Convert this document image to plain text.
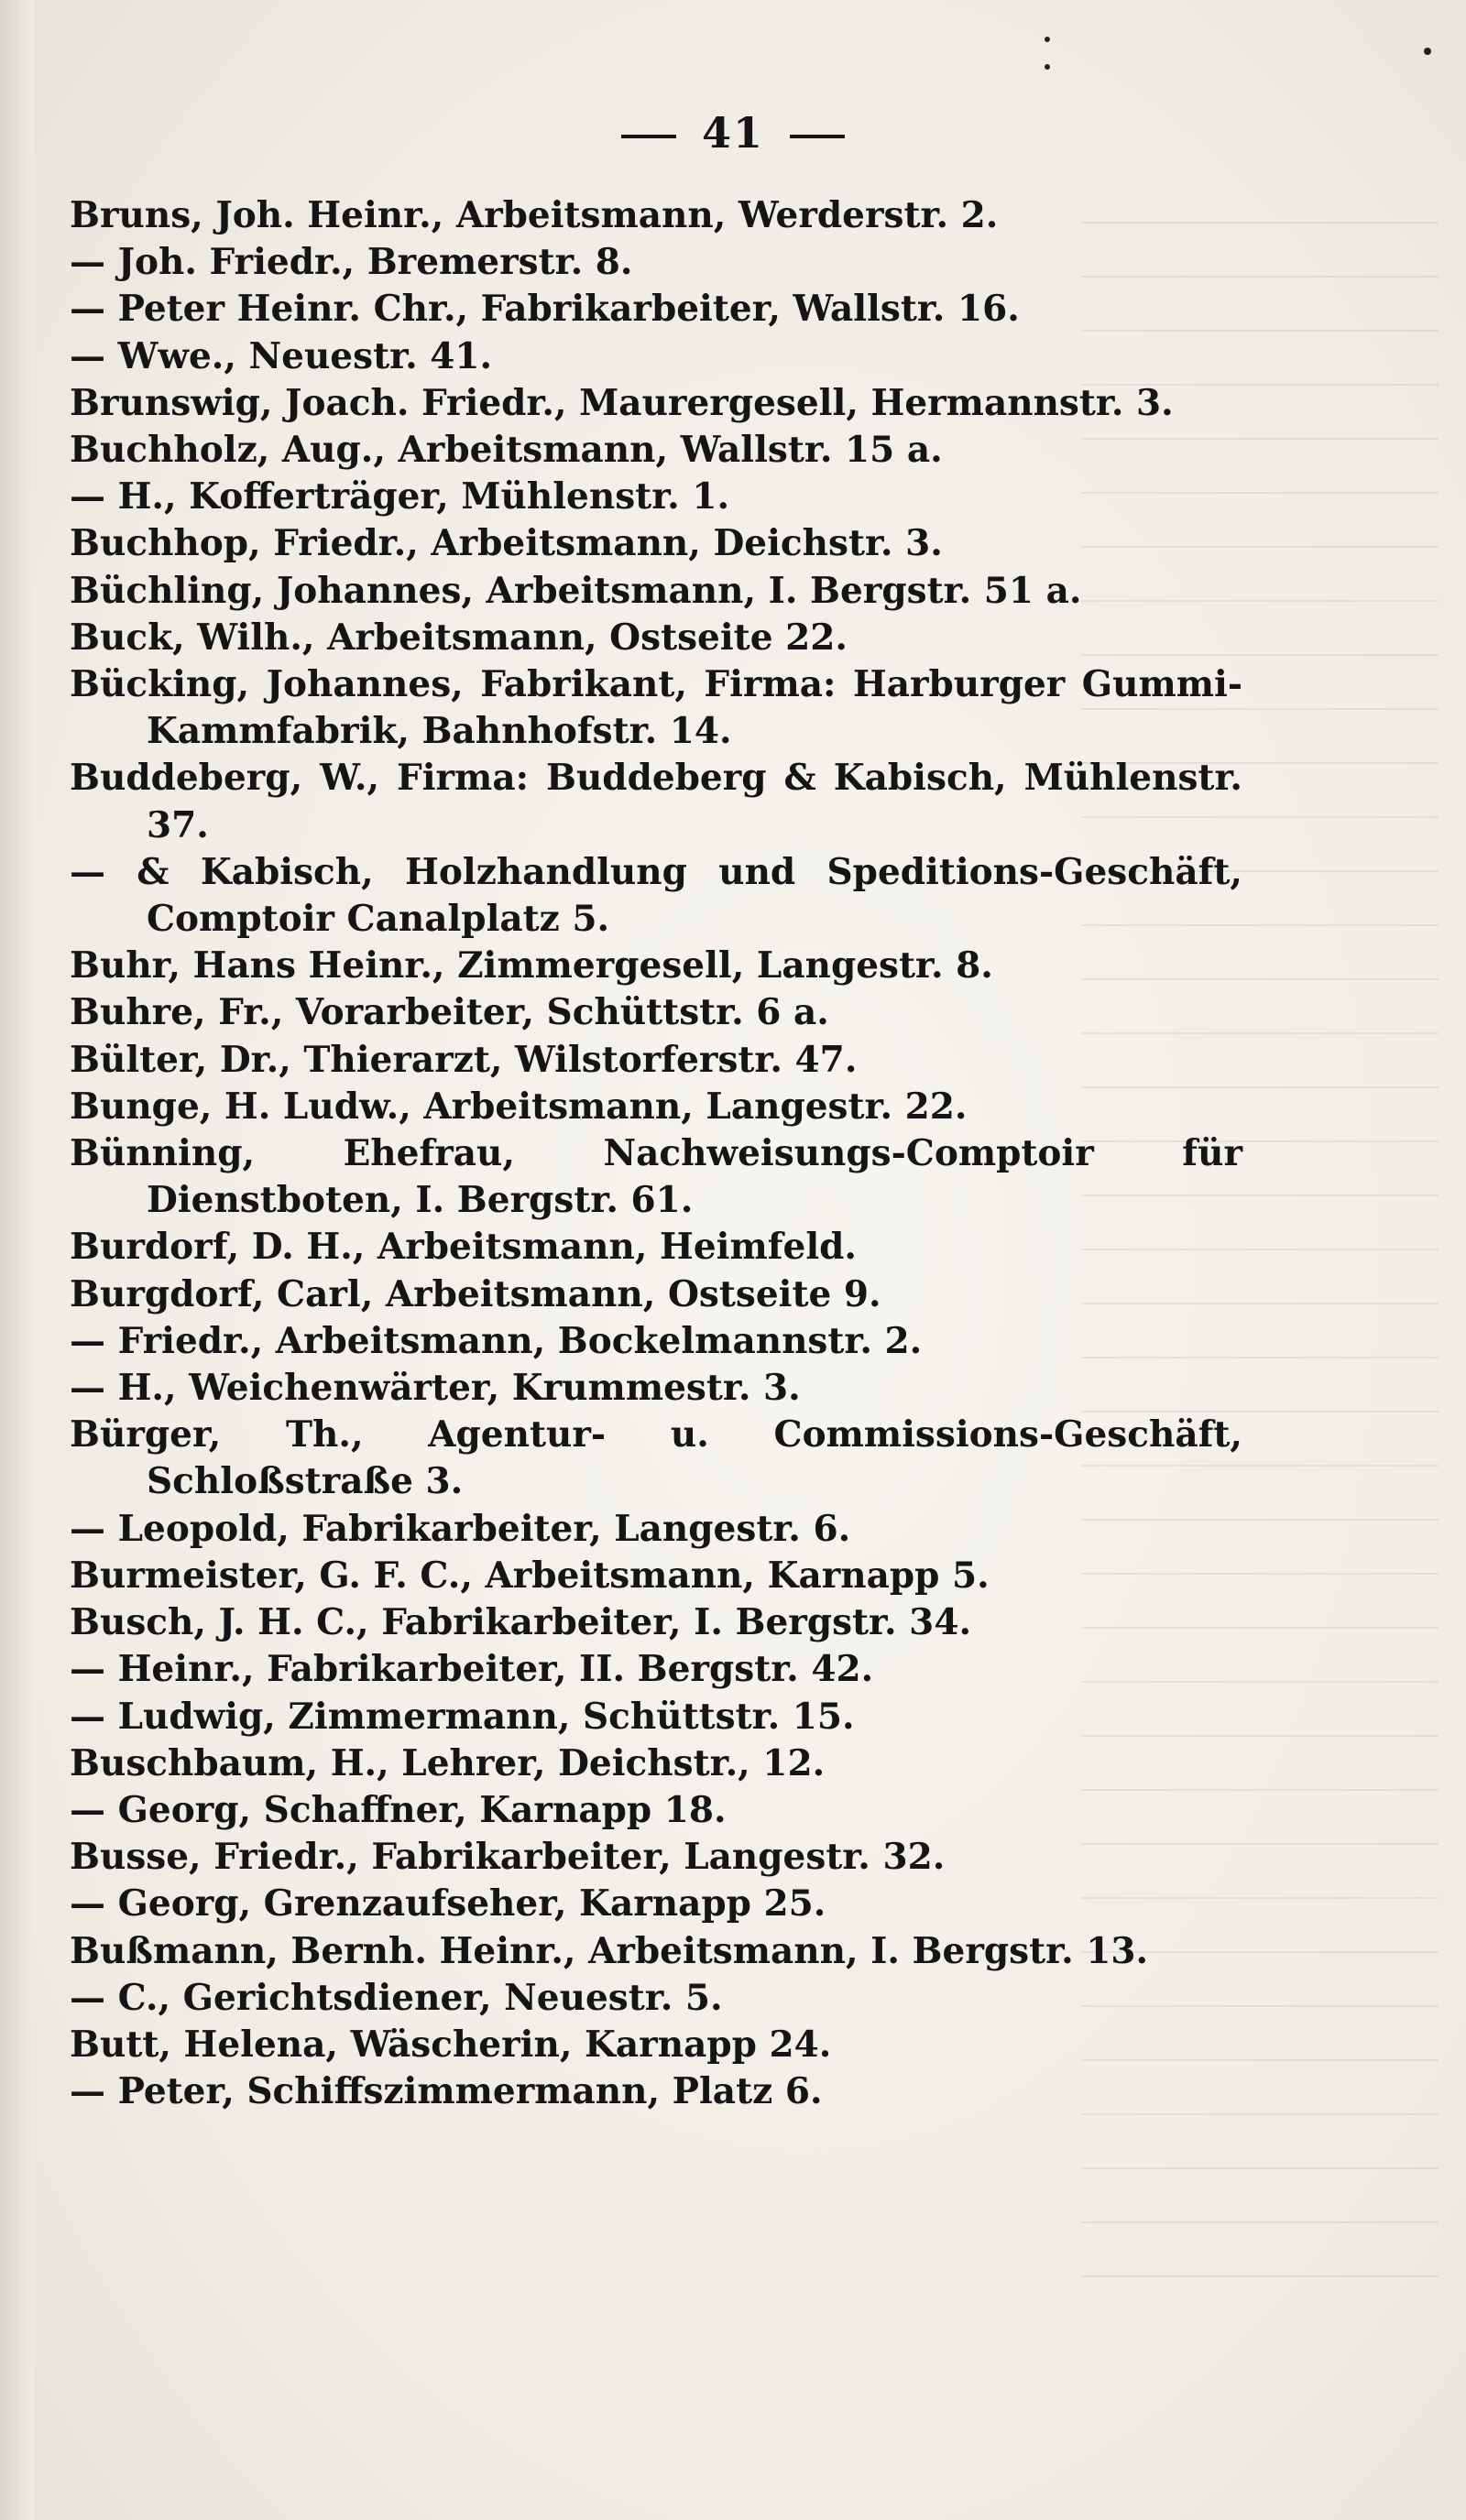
41
Bruns, Joh. Heinr., Arbeitsmann, Werderstr. 2.
— Joh. Friedr., Bremerstr. 8.
— Peter Heinr. Chr., Fabrikarbeiter, Wallstr. 16.
— Wwe., Neuestr. 41.
Brunswig, Joach. Friedr., Maurergesell, Hermannstr. 3.
Buchholz, Aug., Arbeitsmann, Wallstr. 15 a.
— H., Kofferträger, Mühlenstr. 1.
Buchhop, Friedr., Arbeitsmann, Deichstr. 3.
Büchling, Johannes, Arbeitsmann, I. Bergstr. 51 a.
Buck, Wilh., Arbeitsmann, Ostseite 22.
Bücking, Johannes, Fabrikant, Firma: Harburger Gummi-Kammfabrik, Bahnhofstr. 14.
Buddeberg, W., Firma: Buddeberg & Kabisch, Mühlenstr. 37.
— & Kabisch, Holzhandlung und Speditions-Geschäft, Comptoir Canalplatz 5.
Buhr, Hans Heinr., Zimmergesell, Langestr. 8.
Buhre, Fr., Vorarbeiter, Schüttstr. 6 a.
Bülter, Dr., Thierarzt, Wilstorferstr. 47.
Bunge, H. Ludw., Arbeitsmann, Langestr. 22.
Bünning, Ehefrau, Nachweisungs-Comptoir für Dienstboten, I. Bergstr. 61.
Burdorf, D. H., Arbeitsmann, Heimfeld.
Burgdorf, Carl, Arbeitsmann, Ostseite 9.
— Friedr., Arbeitsmann, Bockelmannstr. 2.
— H., Weichenwärter, Krummestr. 3.
Bürger, Th., Agentur- u. Commissions-Geschäft, Schloßstraße 3.
— Leopold, Fabrikarbeiter, Langestr. 6.
Burmeister, G. F. C., Arbeitsmann, Karnapp 5.
Busch, J. H. C., Fabrikarbeiter, I. Bergstr. 34.
— Heinr., Fabrikarbeiter, II. Bergstr. 42.
— Ludwig, Zimmermann, Schüttstr. 15.
Buschbaum, H., Lehrer, Deichstr., 12.
— Georg, Schaffner, Karnapp 18.
Busse, Friedr., Fabrikarbeiter, Langestr. 32.
— Georg, Grenzaufseher, Karnapp 25.
Bußmann, Bernh. Heinr., Arbeitsmann, I. Bergstr. 13.
— C., Gerichtsdiener, Neuestr. 5.
Butt, Helena, Wäscherin, Karnapp 24.
— Peter, Schiffszimmermann, Platz 6.
